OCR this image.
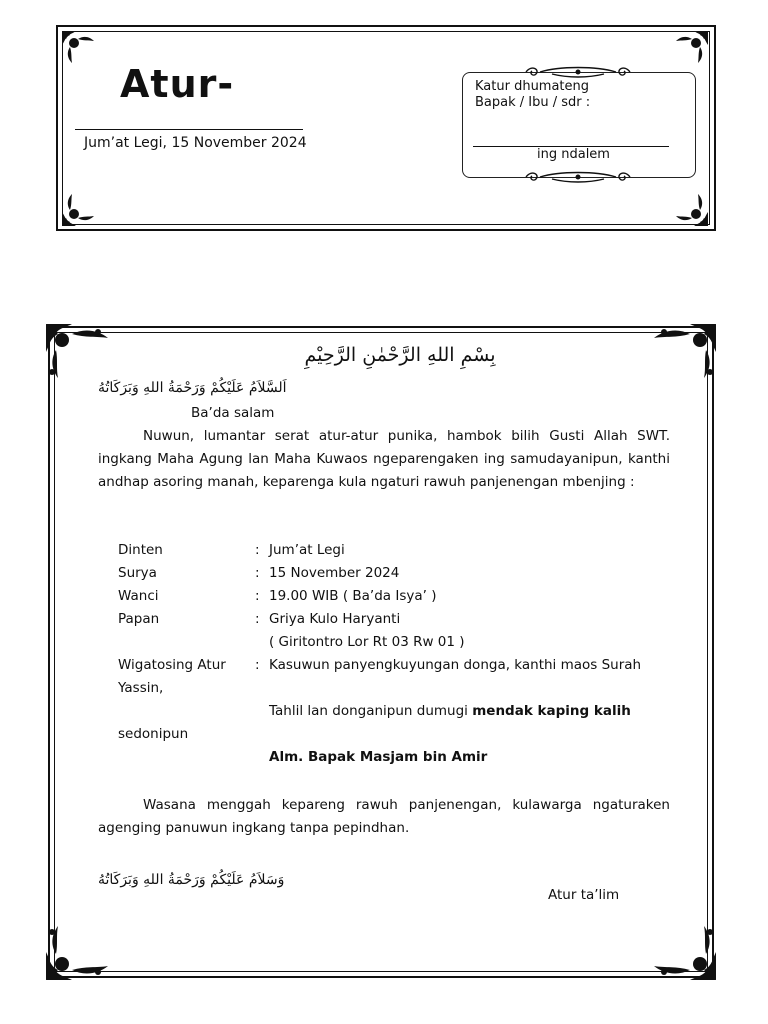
Atur-
Jum’at Legi, 15 November 2024
Katur dhumateng
Bapak / Ibu / sdr :
ing ndalem
بِسْمِ اللهِ الرَّحْمٰنِ الرَّحِيْمِ
اَلسَّلاَمُ عَلَيْكُمْ وَرَحْمَةُ اللهِ وَبَرَكَاتُهُ
Ba’da salam
Nuwun, lumantar serat atur-atur punika, hambok bilih Gusti Allah SWT. ingkang Maha Agung lan Maha Kuwaos ngeparengaken ing samudayanipun, kanthi andhap asoring manah, keparenga kula ngaturi rawuh panjenengan mbenjing :
Dinten	: Jum’at Legi
Surya	: 15 November 2024
Wanci	: 19.00 WIB ( Ba’da Isya’ )
Papan	: Griya Kulo Haryanti
( Giritontro Lor Rt 03 Rw 01 )
Wigatosing Atur : Kasuwun panyengkuyungan donga, kanthi maos Surah
Yassin,
Tahlil lan donganipun dumugi mendak kaping kalih
sedonipun
Alm. Bapak Masjam bin Amir
Wasana menggah kepareng rawuh panjenengan, kulawarga ngaturaken agenging panuwun ingkang tanpa pepindhan.
وَسَلاَمُ عَلَيْكُمْ وَرَحْمَةُ اللهِ وَبَرَكَاتُهُ
Atur ta’lim
